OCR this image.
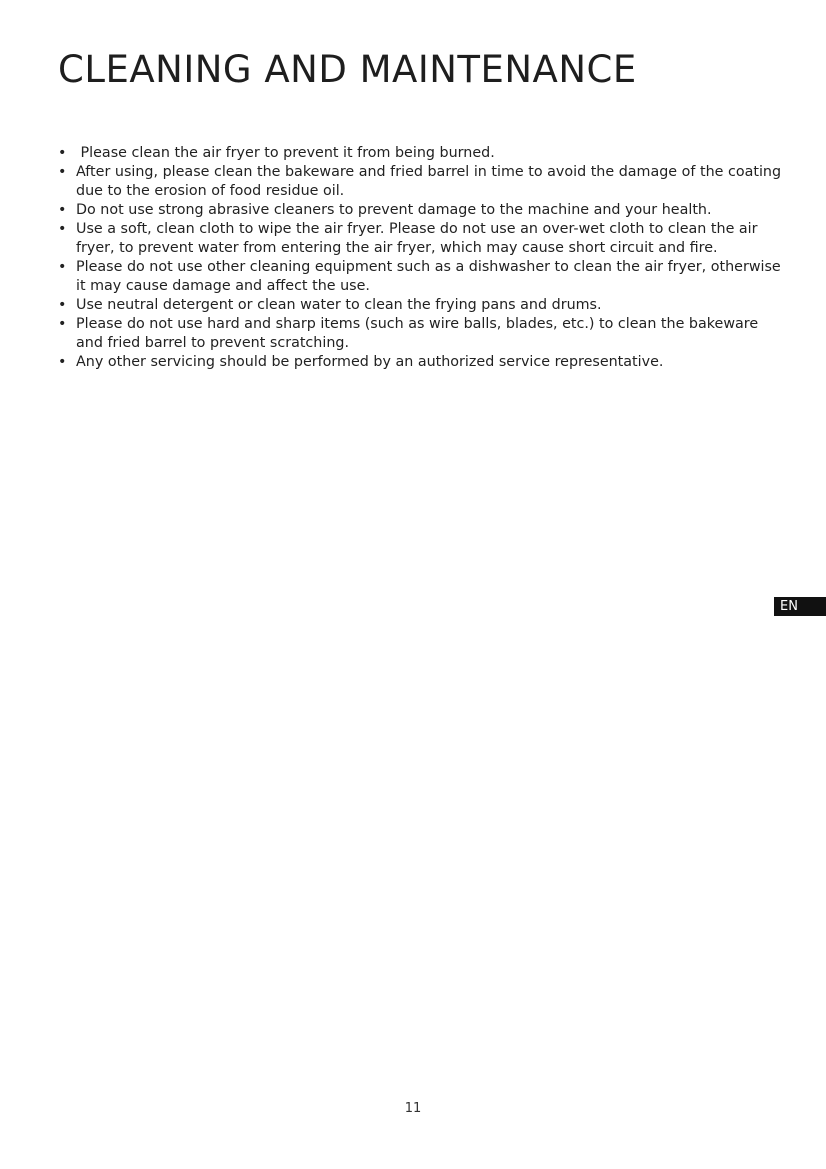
CLEANING AND MAINTENANCE
• Please clean the air fryer to prevent it from being burned.
• After using, please clean the bakeware and fried barrel in time to avoid the damage of the coating due to the erosion of food residue oil.
• Do not use strong abrasive cleaners to prevent damage to the machine and your health.
• Use a soft, clean cloth to wipe the air fryer. Please do not use an over-wet cloth to clean the air fryer, to prevent water from entering the air fryer, which may cause short circuit and fire.
• Please do not use other cleaning equipment such as a dishwasher to clean the air fryer, otherwise it may cause damage and affect the use.
• Use neutral detergent or clean water to clean the frying pans and drums.
• Please do not use hard and sharp items (such as wire balls, blades, etc.) to clean the bakeware and fried barrel to prevent scratching.
• Any other servicing should be performed by an authorized service representative.
EN
11
